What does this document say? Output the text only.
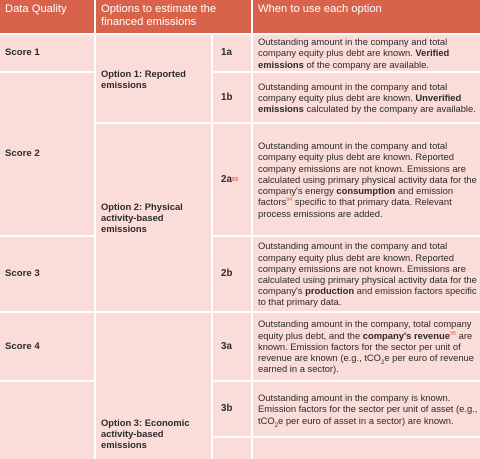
Data Quality	Options to estimate the financed emissions
When to use each option
Score 1
Score 2
Score 3
Score 4
Option 1: Reported emissions
Option 2: Physical activity-based emissions
Option 3: Economic activity-based emissions
1a
1b
2a 93
2b
3a
3b
Outstanding amount in the company and total company equity plus debt are known. Verified emissions of the company are available.
Outstanding amount in the company and total company equity plus debt are known. Unverified emissions calculated by the company are available.
Outstanding amount in the company and total company equity plus debt are known. Reported company emissions are not known. Emissions are calculated using primary physical activity data for the company's energy consumption and emission factors$^{94}$ specific to that primary data. Relevant process emissions are added.
Outstanding amount in the company and total company equity plus debt are known. Reported company emissions are not known. Emissions are calculated using primary physical activity data for the company's production and emission factors specific to that primary data.
Outstanding amount in the company, total company equity plus debt, and the company's revenue$^{95}$ are known. Emission factors for the sector per unit of revenue are known (e.g., tCO$_2$e per euro of revenue earned in a sector).
Outstanding amount in the company is known. Emission factors for the sector per unit of asset (e.g., tCO$_2$e per euro of asset in a sector) are known.
